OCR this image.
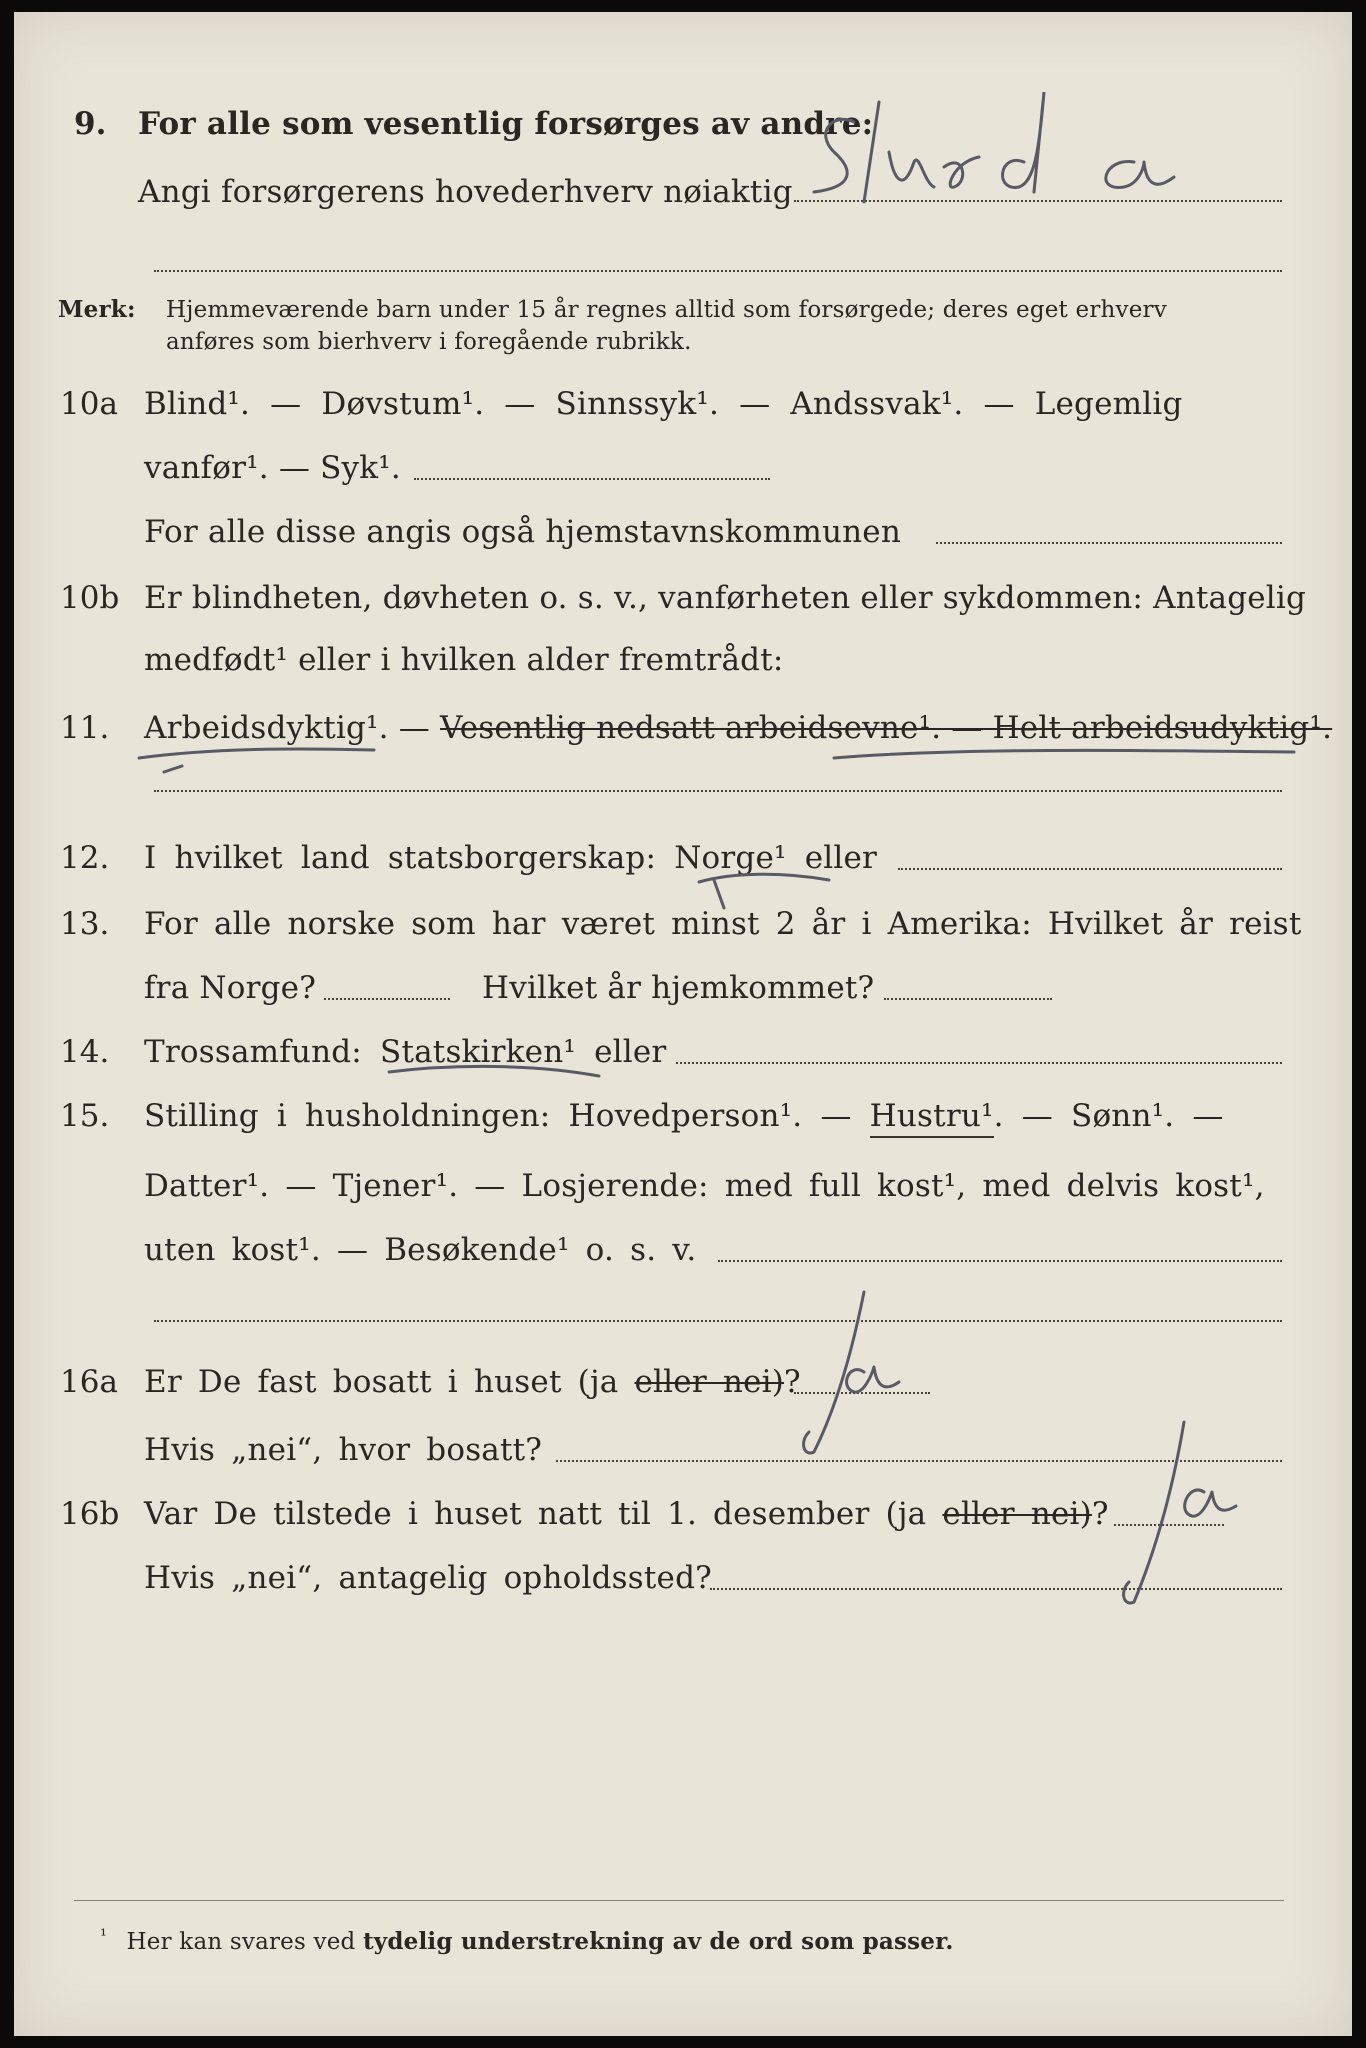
9. For alle som vesentlig forsørges av andre:
Angi forsørgerens hovederhverv nøiaktig
Smed a
Merk: Hjemmeværende barn under 15 år regnes alltid som forsørgede; deres eget erhverv
anføres som bierhverv i foregående rubrikk.
10a Blind¹. — Døvstum¹. — Sinnssyk¹. — Andssvak¹. — Legemlig
vanfør¹. — Syk¹.
For alle disse angis også hjemstavnskommunen
10b Er blindheten, døvheten o. s. v., vanførheten eller sykdommen: Antagelig
medfødt¹ eller i hvilken alder fremtrådt:
11. Arbeidsdyktig¹. — Vesentlig nedsatt arbeidsevne¹. — Helt arbeidsudyktig¹.
12. I hvilket land statsborgerskap: Norge¹ eller
13. For alle norske som har været minst 2 år i Amerika: Hvilket år reist
fra Norge?	Hvilket år hjemkommet?
14. Trossamfund: Statskirken¹ eller
15. Stilling i husholdningen: Hovedperson¹. — Hustru¹. — Sønn¹. —
Datter¹. — Tjener¹. — Losjerende: med full kost¹, med delvis kost¹,
uten kost¹. — Besøkende¹ o. s. v.
16a Er De fast bosatt i huset (ja eller nei)?
ja
Hvis „nei“, hvor bosatt?
16b Var De tilstede i huset natt til 1. desember (ja eller nei)?
ja
Hvis „nei“, antagelig opholdssted?
$^{^1}$ Her kan svares ved tydelig understrekning av de ord som passer.
